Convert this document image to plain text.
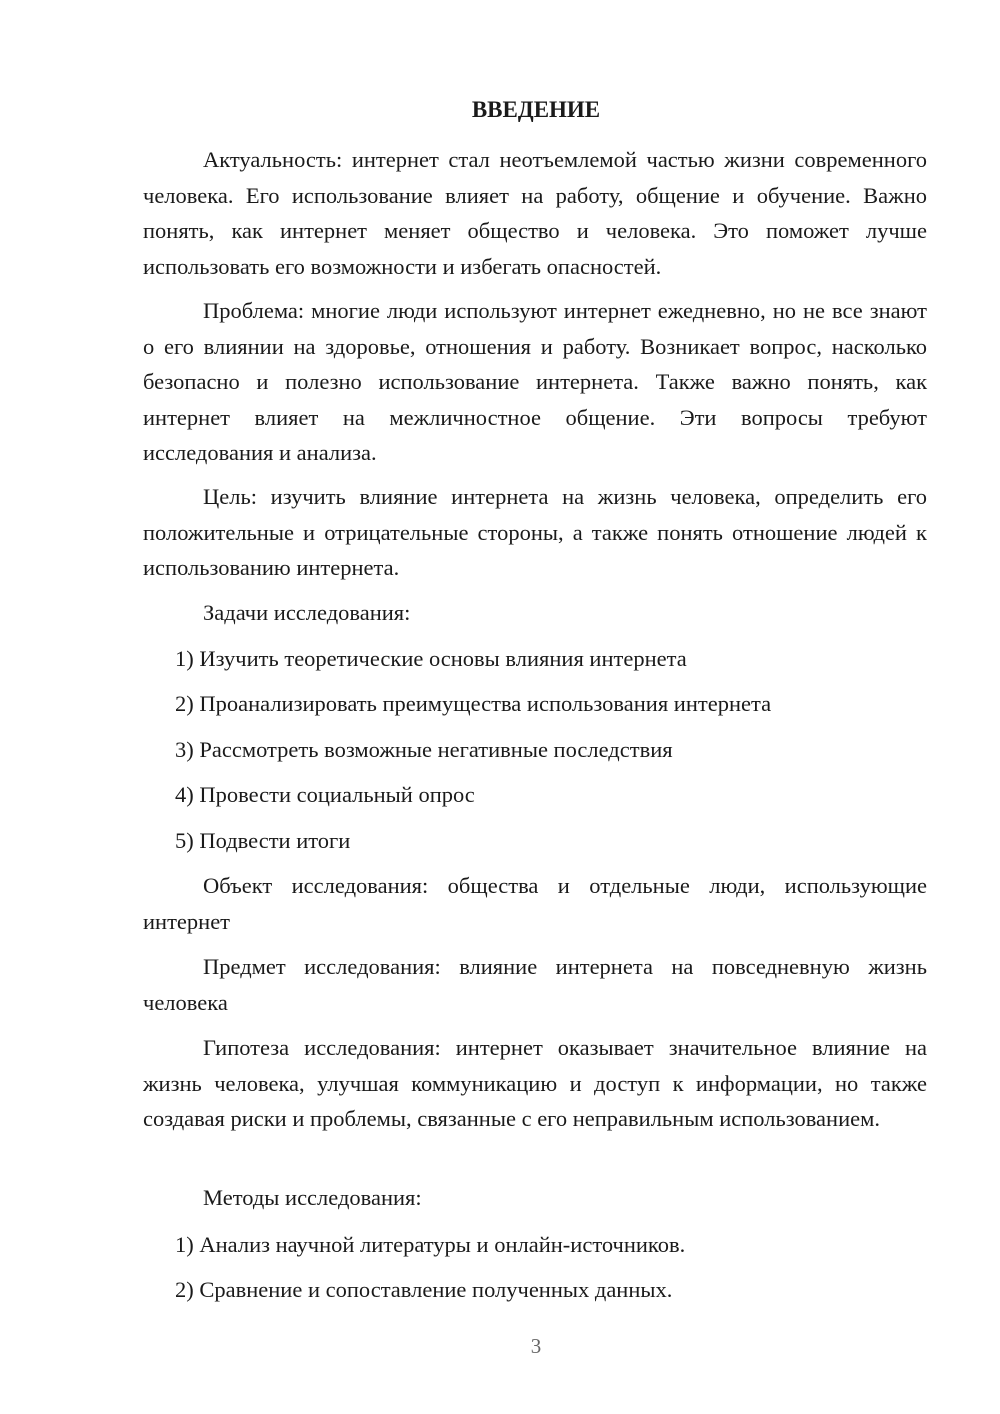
ВВЕДЕНИЕ
Актуальность: интернет стал неотъемлемой частью жизни современного человека. Его использование влияет на работу, общение и обучение. Важно понять, как интернет меняет общество и человека. Это поможет лучше использовать его возможности и избегать опасностей.
Проблема: многие люди используют интернет ежедневно, но не все знают о его влиянии на здоровье, отношения и работу. Возникает вопрос, насколько безопасно и полезно использование интернета. Также важно понять, как интернет влияет на межличностное общение. Эти вопросы требуют исследования и анализа.
Цель: изучить влияние интернета на жизнь человека, определить его положительные и отрицательные стороны, а также понять отношение людей к использованию интернета.
Задачи исследования:
1) Изучить теоретические основы влияния интернета
2) Проанализировать преимущества использования интернета
3) Рассмотреть возможные негативные последствия
4) Провести социальный опрос
5) Подвести итоги
Объект исследования: общества и отдельные люди, использующие интернет
Предмет исследования: влияние интернета на повседневную жизнь человека
Гипотеза исследования: интернет оказывает значительное влияние на жизнь человека, улучшая коммуникацию и доступ к информации, но также создавая риски и проблемы, связанные с его неправильным использованием.
Методы исследования:
1) Анализ научной литературы и онлайн-источников.
2) Сравнение и сопоставление полученных данных.
3
